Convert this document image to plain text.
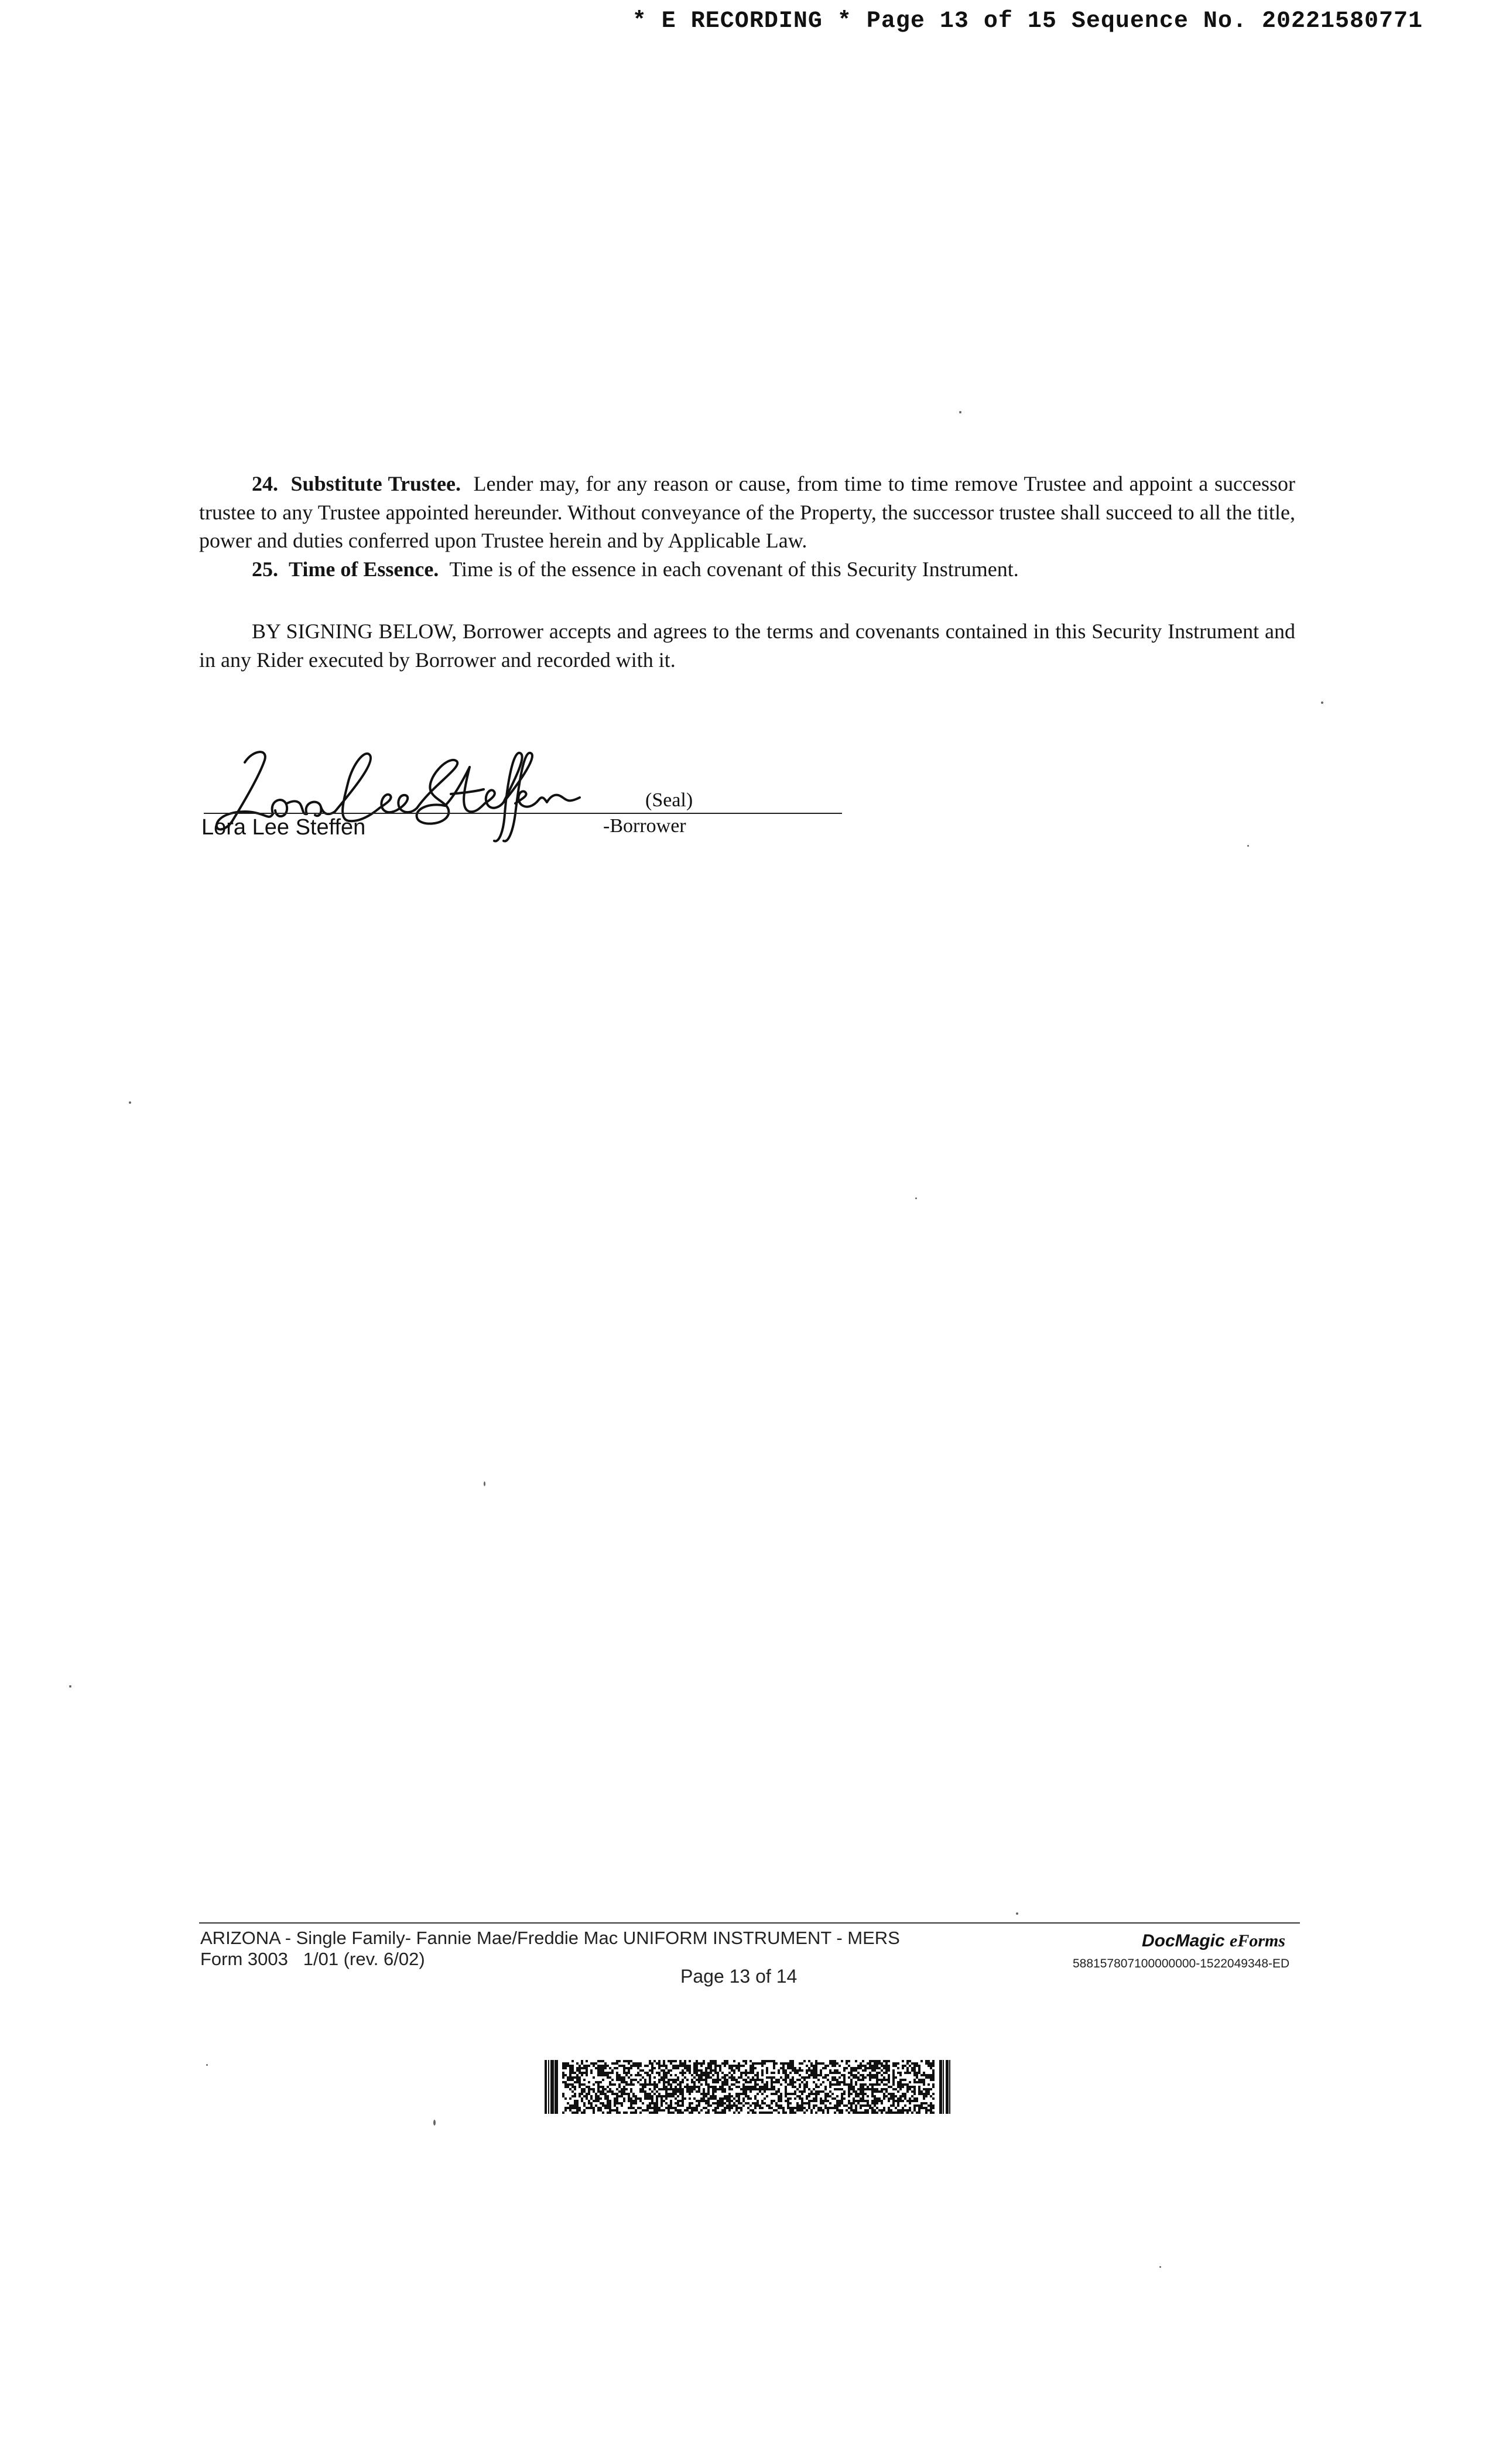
* E RECORDING * Page 13 of 15 Sequence No. 20221580771

24. Substitute Trustee. Lender may, for any reason or cause, from time to time remove Trustee and appoint a successor trustee to any Trustee appointed hereunder. Without conveyance of the Property, the successor trustee shall succeed to all the title, power and duties conferred upon Trustee herein and by Applicable Law.

25. Time of Essence. Time is of the essence in each covenant of this Security Instrument.

BY SIGNING BELOW, Borrower accepts and agrees to the terms and covenants contained in this Security Instrument and in any Rider executed by Borrower and recorded with it.

(Seal)
Lora Lee Steffen	-Borrower
ARIZONA - Single Family- Fannie Mae/Freddie Mac UNIFORM INSTRUMENT - MERS
Form 3003   1/01 (rev. 6/02)
Page 13 of 14
DocMagic eForms
588157807100000000-1522049348-ED
